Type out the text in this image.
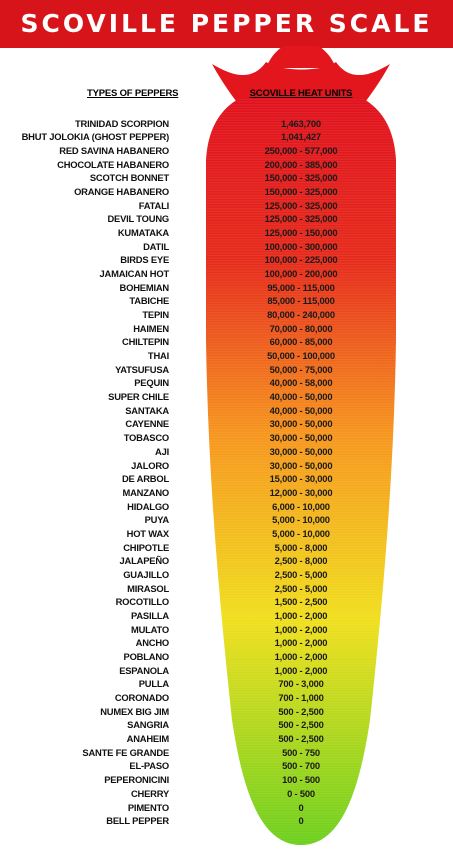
SCOVILLE PEPPER SCALE
TYPES OF PEPPERS	SCOVILLE HEAT UNITS
TRINIDAD SCORPION	1,463,700
BHUT JOLOKIA (GHOST PEPPER)	1,041,427
RED SAVINA HABANERO	250,000 - 577,000
CHOCOLATE HABANERO	200,000 - 385,000
SCOTCH BONNET	150,000 - 325,000
ORANGE HABANERO	150,000 - 325,000
FATALI	125,000 - 325,000
DEVIL TOUNG	125,000 - 325,000
KUMATAKA	125,000 - 150,000
DATIL	100,000 - 300,000
BIRDS EYE	100,000 - 225,000
JAMAICAN HOT	100,000 - 200,000
BOHEMIAN	95,000 - 115,000
TABICHE	85,000 - 115,000
TEPIN	80,000 - 240,000
HAIMEN	70,000 - 80,000
CHILTEPIN	60,000 - 85,000
THAI	50,000 - 100,000
YATSUFUSA	50,000 - 75,000
PEQUIN	40,000 - 58,000
SUPER CHILE	40,000 - 50,000
SANTAKA	40,000 - 50,000
CAYENNE	30,000 - 50,000
TOBASCO	30,000 - 50,000
AJI	30,000 - 50,000
JALORO	30,000 - 50,000
DE ARBOL	15,000 - 30,000
MANZANO	12,000 - 30,000
HIDALGO	6,000 - 10,000
PUYA	5,000 - 10,000
HOT WAX	5,000 - 10,000
CHIPOTLE	5,000 - 8,000
JALAPEÑO	2,500 - 8,000
GUAJILLO	2,500 - 5,000
MIRASOL	2,500 - 5,000
ROCOTILLO	1,500 - 2,500
PASILLA	1,000 - 2,000
MULATO	1,000 - 2,000
ANCHO	1,000 - 2,000
POBLANO	1,000 - 2,000
ESPANOLA	1,000 - 2,000
PULLA	700 - 3,000
CORONADO	700 - 1,000
NUMEX BIG JIM	500 - 2,500
SANGRIA	500 - 2,500
ANAHEIM	500 - 2,500
SANTE FE GRANDE	500 - 750
EL-PASO	500 - 700
PEPERONICINI	100 - 500
CHERRY	0 - 500
PIMENTO	0
BELL PEPPER	0
